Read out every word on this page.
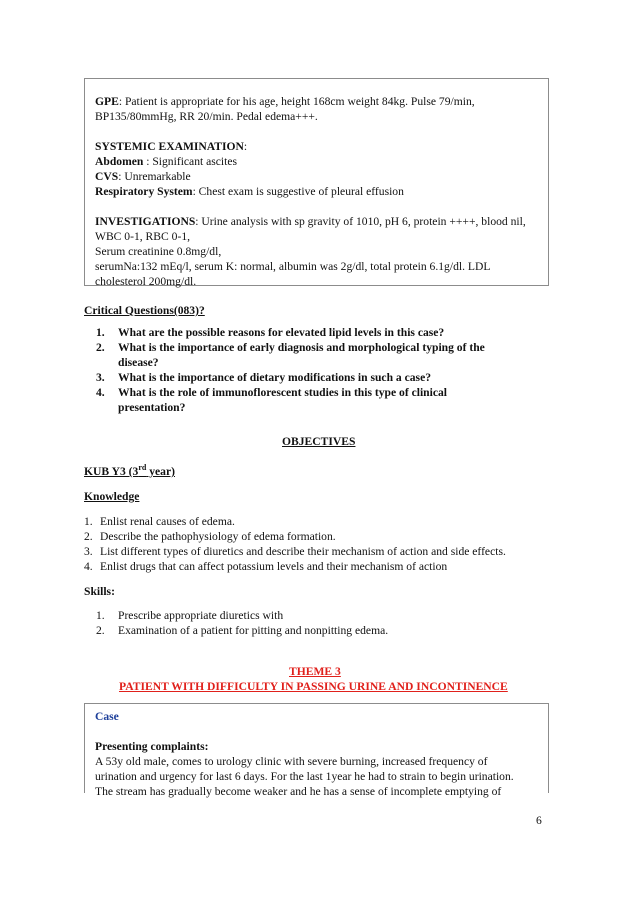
GPE: Patient is appropriate for his age, height 168cm weight 84kg. Pulse 79/min,
BP135/80mmHg, RR 20/min. Pedal edema+++.
SYSTEMIC EXAMINATION:
Abdomen : Significant ascites
CVS: Unremarkable
Respiratory System: Chest exam is suggestive of pleural effusion
INVESTIGATIONS: Urine analysis with sp gravity of 1010, pH 6, protein ++++, blood nil,
WBC 0-1, RBC 0-1,
Serum creatinine 0.8mg/dl,
serumNa:132 mEq/l, serum K: normal, albumin was 2g/dl, total protein 6.1g/dl. LDL
cholesterol 200mg/dl.
Critical Questions(083)?
1. What are the possible reasons for elevated lipid levels in this case?
2. What is the importance of early diagnosis and morphological typing of the
disease?
3. What is the importance of dietary modifications in such a case?
4. What is the role of immunoflorescent studies in this type of clinical
presentation?
OBJECTIVES
KUB Y3 (3rd year)
Knowledge
1. Enlist renal causes of edema.
2. Describe the pathophysiology of edema formation.
3. List different types of diuretics and describe their mechanism of action and side effects.
4. Enlist drugs that can affect potassium levels and their mechanism of action
Skills:
1. Prescribe appropriate diuretics with
2. Examination of a patient for pitting and nonpitting edema.
THEME 3
PATIENT WITH DIFFICULTY IN PASSING URINE AND INCONTINENCE
Case
Presenting complaints:
A 53y old male, comes to urology clinic with severe burning, increased frequency of
urination and urgency for last 6 days. For the last 1year he had to strain to begin urination.
The stream has gradually become weaker and he has a sense of incomplete emptying of
6
